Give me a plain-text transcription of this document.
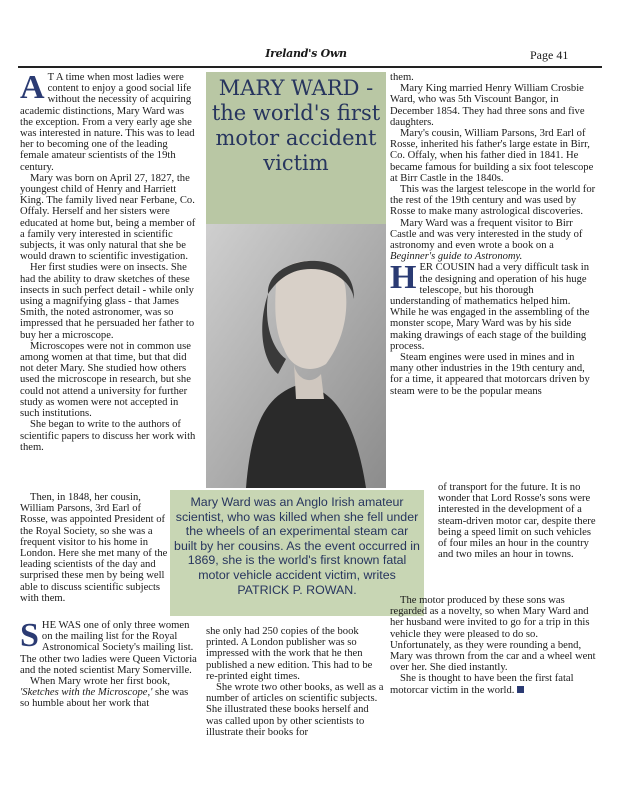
Ireland's Own	Page 41
A T A time when most ladies were content to enjoy a good social life without the necessity of acquiring academic distinctions, Mary Ward was the exception. From a very early age she was interested in nature. This was to lead her to becoming one of the leading female amateur scientists of the 19th century.

Mary was born on April 27, 1827, the youngest child of Henry and Harriett King. The family lived near Ferbane, Co. Offaly. Herself and her sisters were educated at home but, being a member of a family very interested in scientific subjects, it was only natural that she be would drawn to scientific investigation.

Her first studies were on insects. She had the ability to draw sketches of these insects in such perfect detail - while only using a magnifying glass - that James Smith, the noted astronomer, was so impressed that he persuaded her father to buy her a microscope.

Microscopes were not in common use among women at that time, but that did not deter Mary. She studied how others used the microscope in research, but she could not attend a university for further study as women were not accepted in such institutions.

She began to write to the authors of scientific papers to discuss her work with them.

Then, in 1848, her cousin, William Parsons, 3rd Earl of Rosse, was appointed President of the Royal Society, so she was a frequent visitor to his home in London. Here she met many of the leading scientists of the day and surprised these men by being well able to discuss scientific subjects with them.

S HE WAS one of only three women on the mailing list for the Royal Astronomical Society's mailing list. The other two ladies were Queen Victoria and the noted scientist Mary Somerville.

When Mary wrote her first book, 'Sketches with the Microscope,' she was so humble about her work that

MARY WARD - the world's first motor accident victim
Mary Ward was an Anglo Irish amateur scientist, who was killed when she fell under the wheels of an experimental steam car built by her cousins. As the event occurred in 1869, she is the world's first known fatal motor vehicle accident victim, writes PATRICK P. ROWAN.

she only had 250 copies of the book printed. A London publisher was so impressed with the work that he then published a new edition. This had to be re-printed eight times.

She wrote two other books, as well as a number of articles on scientific subjects. She illustrated these books herself and was called upon by other scientists to illustrate their books for

them.

Mary King married Henry William Crosbie Ward, who was 5th Viscount Bangor, in December 1854. They had three sons and five daughters.

Mary's cousin, William Parsons, 3rd Earl of Rosse, inherited his father's large estate in Birr, Co. Offaly, when his father died in 1841. He became famous for building a six foot telescope at Birr Castle in the 1840s.

This was the largest telescope in the world for the rest of the 19th century and was used by Rosse to make many astrological discoveries.

Mary Ward was a frequent visitor to Birr Castle and was very interested in the study of astronomy and even wrote a book on a Beginner's guide to Astronomy.

H ER COUSIN had a very difficult task in the designing and operation of his huge telescope, but his thorough understanding of mathematics helped him. While he was engaged in the assembling of the monster scope, Mary Ward was by his side making drawings of each stage of the building process.

Steam engines were used in mines and in many other industries in the 19th century and, for a time, it appeared that motorcars driven by steam were to be the popular means

of transport for the future. It is no wonder that Lord Rosse's sons were interested in the development of a steam-driven motor car, despite there being a speed limit on such vehicles of four miles an hour in the country and two miles an hour in towns.

The motor produced by these sons was regarded as a novelty, so when Mary Ward and her husband were invited to go for a trip in this vehicle they were pleased to do so. Unfortunately, as they were rounding a bend, Mary was thrown from the car and a wheel went over her. She died instantly.

She is thought to have been the first fatal motorcar victim in the world.
